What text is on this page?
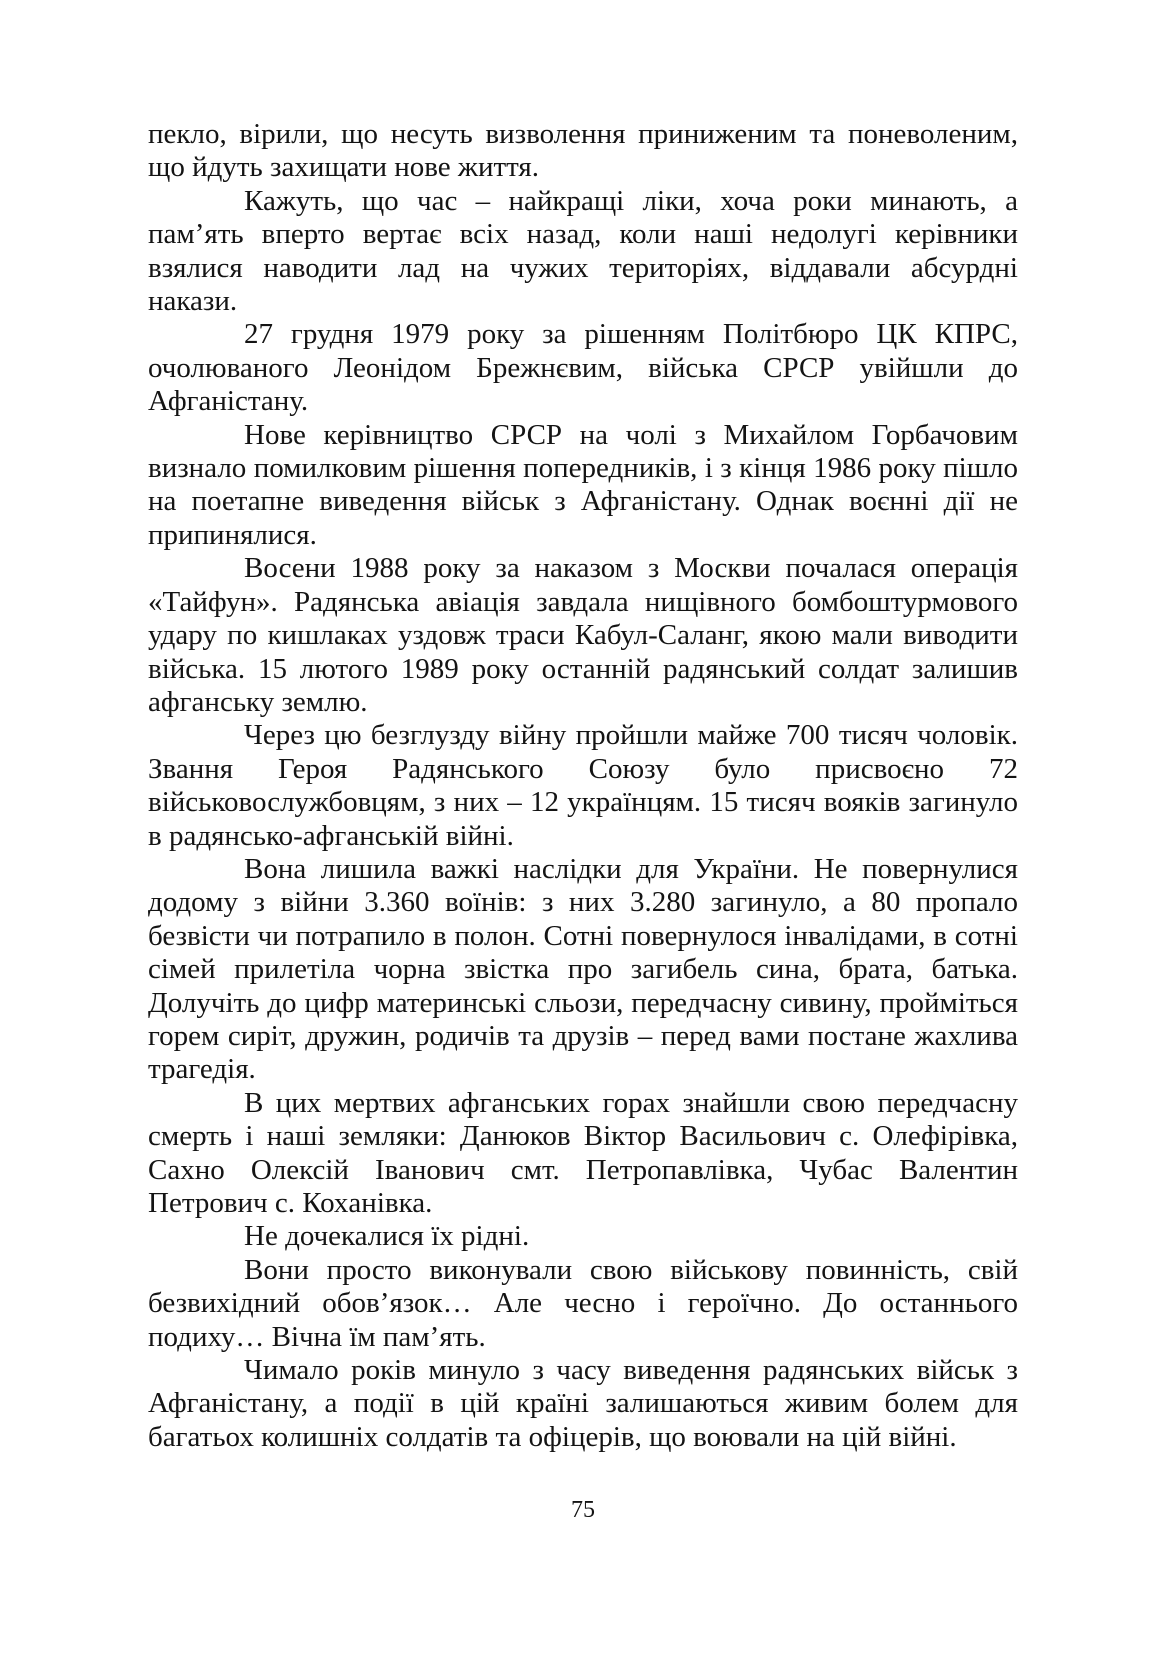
пекло, вірили, що несуть визволення приниженим та поневоленим, що йдуть захищати нове життя.

Кажуть, що час – найкращі ліки, хоча роки минають, а пам’ять вперто вертає всіх назад, коли наші недолугі керівники взялися наводити лад на чужих територіях, віддавали абсурдні накази.

27 грудня 1979 року за рішенням Політбюро ЦК КПРС, очолюваного Леонідом Брежнєвим, війська СРСР увійшли до Афганістану.

Нове керівництво СРСР на чолі з Михайлом Горбачовим визнало помилковим рішення попередників, і з кінця 1986 року пішло на поетапне виведення військ з Афганістану. Однак воєнні дії не припинялися.

Восени 1988 року за наказом з Москви почалася операція «Тайфун». Радянська авіація завдала нищівного бомбоштурмового удару по кишлаках уздовж траси Кабул-Саланг, якою мали виводити війська. 15 лютого 1989 року останній радянський солдат залишив афганську землю.

Через цю безглузду війну пройшли майже 700 тисяч чоловік. Звання Героя Радянського Союзу було присвоєно 72 військовослужбовцям, з них – 12 українцям. 15 тисяч вояків загинуло в радянсько-афганській війні.

Вона лишила важкі наслідки для України. Не повернулися додому з війни 3.360 воїнів: з них 3.280 загинуло, а 80 пропало безвісти чи потрапило в полон. Сотні повернулося інвалідами, в сотні сімей прилетіла чорна звістка про загибель сина, брата, батька. Долучіть до цифр материнські сльози, передчасну сивину, пройміться горем сиріт, дружин, родичів та друзів – перед вами постане жахлива трагедія.

В цих мертвих афганських горах знайшли свою передчасну смерть і наші земляки: Данюков Віктор Васильович с. Олефірівка, Сахно Олексій Іванович смт. Петропавлівка, Чубас Валентин Петрович с. Кохaнівка.

Не дочекалися їх рідні.

Вони просто виконували свою військову повинність, свій безвихідний обов’язок… Але чесно і героїчно. До останнього подиху… Вічна їм пам’ять.

Чимало років минуло з часу виведення радянських військ з Афганістану, а події в цій країні залишаються живим болем для багатьох колишніх солдатів та офіцерів, що воювали на цій війні.

75
